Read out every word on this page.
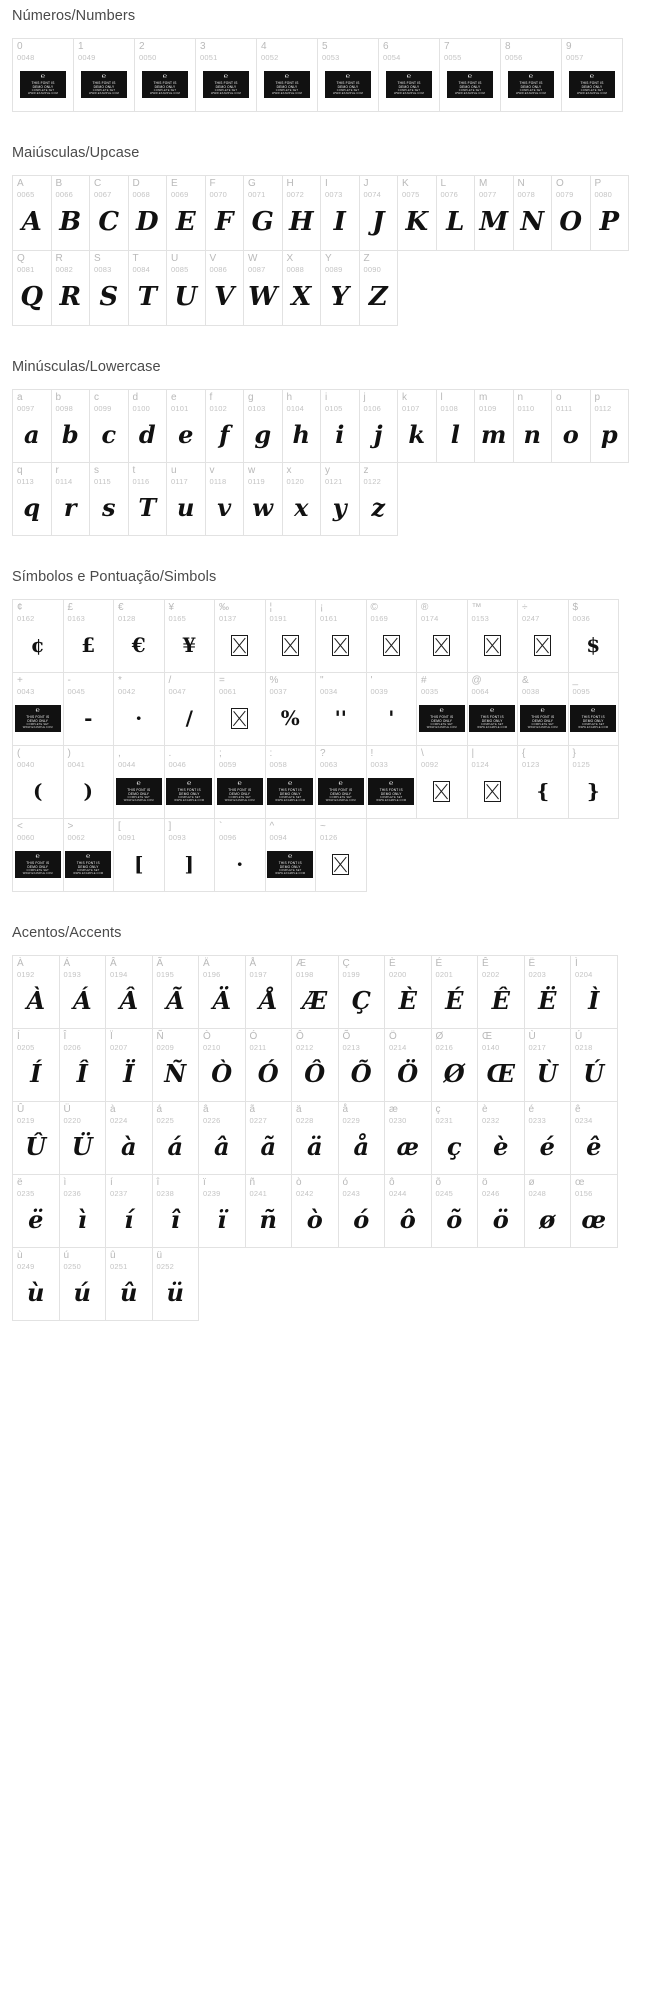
Números/Numbers
0
0048
℮
THIS FONT IS
DEMO ONLY
COMPLETE SET
WWW.EXAMPLE.COM
1
0049
℮
THIS FONT IS
DEMO ONLY
COMPLETE SET
WWW.EXAMPLE.COM
2
0050
℮
THIS FONT IS
DEMO ONLY
COMPLETE SET
WWW.EXAMPLE.COM
3
0051
℮
THIS FONT IS
DEMO ONLY
COMPLETE SET
WWW.EXAMPLE.COM
4
0052
℮
THIS FONT IS
DEMO ONLY
COMPLETE SET
WWW.EXAMPLE.COM
5
0053
℮
THIS FONT IS
DEMO ONLY
COMPLETE SET
WWW.EXAMPLE.COM
6
0054
℮
THIS FONT IS
DEMO ONLY
COMPLETE SET
WWW.EXAMPLE.COM
7
0055
℮
THIS FONT IS
DEMO ONLY
COMPLETE SET
WWW.EXAMPLE.COM
8
0056
℮
THIS FONT IS
DEMO ONLY
COMPLETE SET
WWW.EXAMPLE.COM
9
0057
℮
THIS FONT IS
DEMO ONLY
COMPLETE SET
WWW.EXAMPLE.COM
Maiúsculas/Upcase
A
0065
A
B
0066
B
C
0067
C
D
0068
D
E
0069
E
F
0070
F
G
0071
G
H
0072
H
I
0073
I
J
0074
J
K
0075
K
L
0076
L
M
0077
M
N
0078
N
O
0079
O
P
0080
P
Q
0081
Q
R
0082
R
S
0083
S
T
0084
T
U
0085
U
V
0086
V
W
0087
W
X
0088
X
Y
0089
Y
Z
0090
Z
Minúsculas/Lowercase
a
0097
a
b
0098
b
c
0099
c
d
0100
d
e
0101
e
f
0102
f
g
0103
g
h
0104
h
i
0105
i
j
0106
j
k
0107
k
l
0108
l
m
0109
m
n
0110
n
o
0111
o
p
0112
p
q
0113
q
r
0114
r
s
0115
s
t
0116
T
u
0117
u
v
0118
v
w
0119
w
x
0120
x
y
0121
y
z
0122
z
Símbolos e Pontuação/Simbols
¢
0162
¢
£
0163
£
€
0128
€
¥
0165
¥
‰
0137
¦
0191
¡
0161
©
0169
®
0174
™
0153
÷
0247
$
0036
$
+
0043
℮
THIS FONT IS
DEMO ONLY
COMPLETE SET
WWW.EXAMPLE.COM
-
0045
-
*
0042
·
/
0047
/
=
0061
%
0037
%
"
0034
''
'
0039
'
#
0035
℮
THIS FONT IS
DEMO ONLY
COMPLETE SET
WWW.EXAMPLE.COM
@
0064
℮
THIS FONT IS
DEMO ONLY
COMPLETE SET
WWW.EXAMPLE.COM
&
0038
℮
THIS FONT IS
DEMO ONLY
COMPLETE SET
WWW.EXAMPLE.COM
_
0095
℮
THIS FONT IS
DEMO ONLY
COMPLETE SET
WWW.EXAMPLE.COM
(
0040
(
)
0041
)
,
0044
℮
THIS FONT IS
DEMO ONLY
COMPLETE SET
WWW.EXAMPLE.COM
.
0046
℮
THIS FONT IS
DEMO ONLY
COMPLETE SET
WWW.EXAMPLE.COM
;
0059
℮
THIS FONT IS
DEMO ONLY
COMPLETE SET
WWW.EXAMPLE.COM
:
0058
℮
THIS FONT IS
DEMO ONLY
COMPLETE SET
WWW.EXAMPLE.COM
?
0063
℮
THIS FONT IS
DEMO ONLY
COMPLETE SET
WWW.EXAMPLE.COM
!
0033
℮
THIS FONT IS
DEMO ONLY
COMPLETE SET
WWW.EXAMPLE.COM
\
0092
|
0124
{
0123
{
}
0125
}
<
0060
℮
THIS FONT IS
DEMO ONLY
COMPLETE SET
WWW.EXAMPLE.COM
>
0062
℮
THIS FONT IS
DEMO ONLY
COMPLETE SET
WWW.EXAMPLE.COM
[
0091
[
]
0093
]
`
0096
·
^
0094
℮
THIS FONT IS
DEMO ONLY
COMPLETE SET
WWW.EXAMPLE.COM
~
0126
Acentos/Accents
À
0192
À
Á
0193
Á
Â
0194
Â
Ã
0195
Ã
Ä
0196
Ä
Å
0197
Å
Æ
0198
Æ
Ç
0199
Ç
È
0200
È
É
0201
É
Ê
0202
Ê
Ë
0203
Ë
Ì
0204
Ì
Í
0205
Í
Î
0206
Î
Ï
0207
Ï
Ñ
0209
Ñ
Ò
0210
Ò
Ó
0211
Ó
Ô
0212
Ô
Õ
0213
Õ
Ö
0214
Ö
Ø
0216
Ø
Œ
0140
Œ
Ù
0217
Ù
Ú
0218
Ú
Û
0219
Û
Ü
0220
Ü
à
0224
à
á
0225
á
â
0226
â
ã
0227
ã
ä
0228
ä
å
0229
å
æ
0230
æ
ç
0231
ç
è
0232
è
é
0233
é
ê
0234
ê
ë
0235
ë
ì
0236
ì
í
0237
í
î
0238
î
ï
0239
ï
ñ
0241
ñ
ò
0242
ò
ó
0243
ó
ô
0244
ô
õ
0245
õ
ö
0246
ö
ø
0248
ø
œ
0156
œ
ù
0249
ù
ú
0250
ú
û
0251
û
ü
0252
ü
